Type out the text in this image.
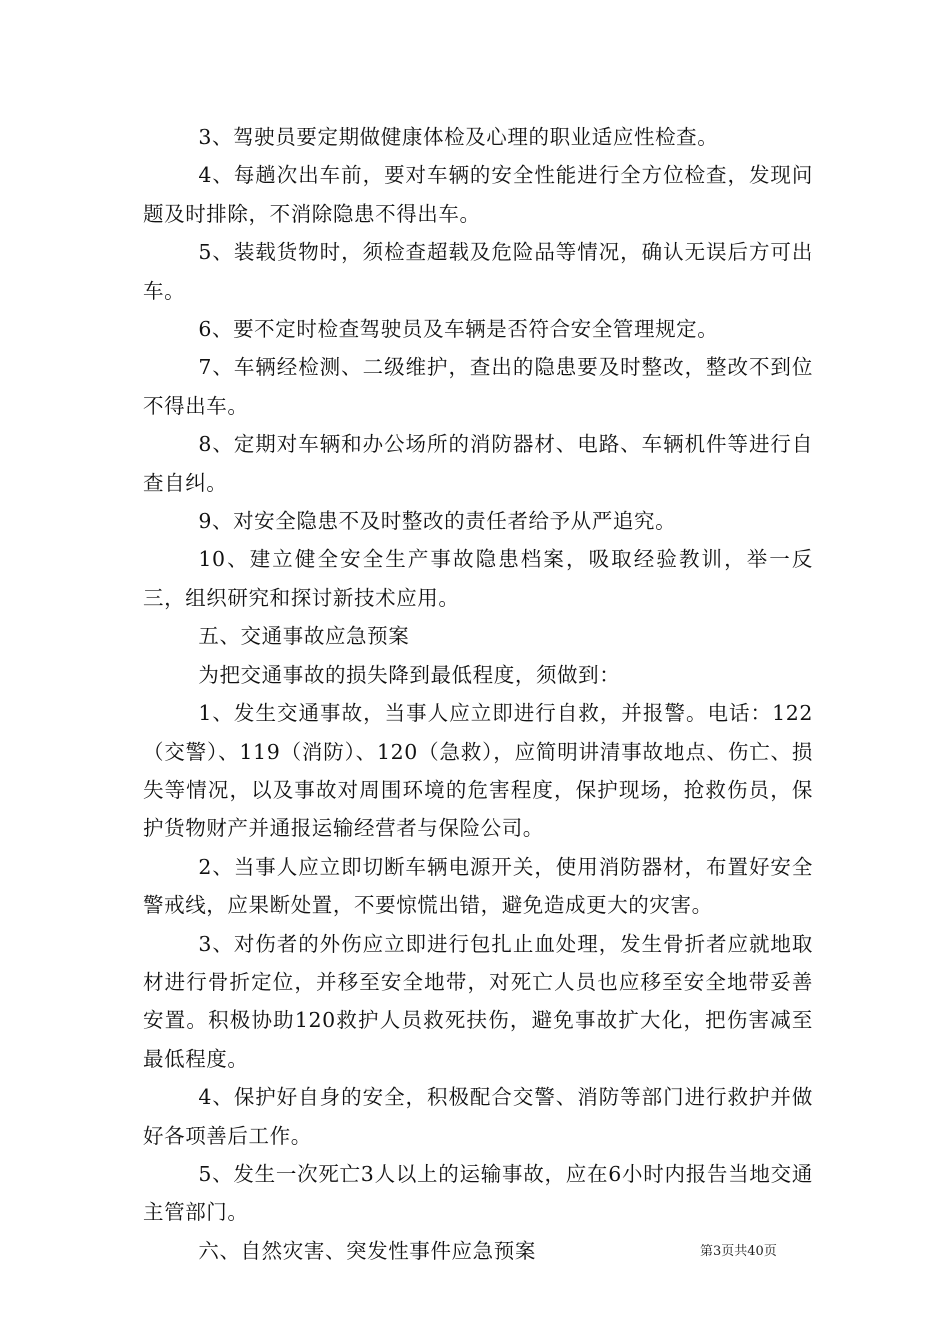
3、驾驶员要定期做健康体检及心理的职业适应性检查。

4、每趟次出车前，要对车辆的安全性能进行全方位检查，发现问题及时排除，不消除隐患不得出车。

5、装载货物时，须检查超载及危险品等情况，确认无误后方可出车。

6、要不定时检查驾驶员及车辆是否符合安全管理规定。

7、车辆经检测、二级维护，查出的隐患要及时整改，整改不到位不得出车。

8、定期对车辆和办公场所的消防器材、电路、车辆机件等进行自查自纠。

9、对安全隐患不及时整改的责任者给予从严追究。

10、建立健全安全生产事故隐患档案，吸取经验教训，举一反三，组织研究和探讨新技术应用。

五、交通事故应急预案

为把交通事故的损失降到最低程度，须做到：

1、发生交通事故，当事人应立即进行自救，并报警。电话：122（交警）、119（消防）、120（急救），应简明讲清事故地点、伤亡、损失等情况，以及事故对周围环境的危害程度，保护现场，抢救伤员，保护货物财产并通报运输经营者与保险公司。

2、当事人应立即切断车辆电源开关，使用消防器材，布置好安全警戒线，应果断处置，不要惊慌出错，避免造成更大的灾害。

3、对伤者的外伤应立即进行包扎止血处理，发生骨折者应就地取材进行骨折定位，并移至安全地带，对死亡人员也应移至安全地带妥善安置。积极协助120救护人员救死扶伤，避免事故扩大化，把伤害减至最低程度。

4、保护好自身的安全，积极配合交警、消防等部门进行救护并做好各项善后工作。

5、发生一次死亡3人以上的运输事故，应在6小时内报告当地交通主管部门。

六、自然灾害、突发性事件应急预案	第3页共40页
